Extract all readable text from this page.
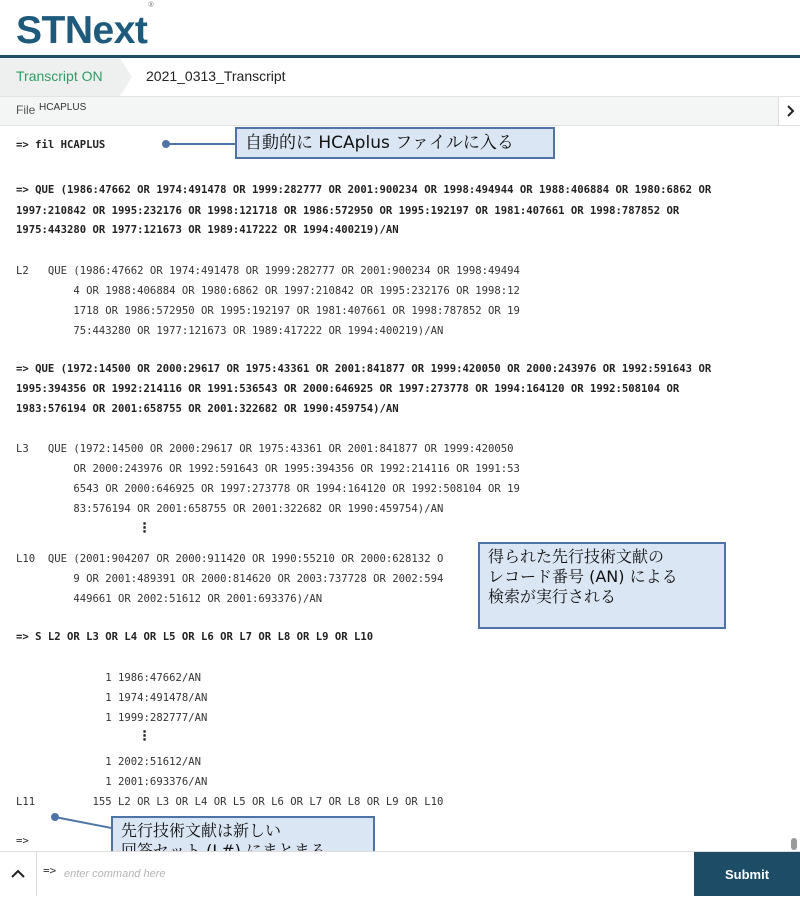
STNext®
Transcript ON	2021_0313_Transcript
File HCAPLUS
=> fil HCAPLUS
=> QUE (1986:47662 OR 1974:491478 OR 1999:282777 OR 2001:900234 OR 1998:494944 OR 1988:406884 OR 1980:6862 OR
1997:210842 OR 1995:232176 OR 1998:121718 OR 1986:572950 OR 1995:192197 OR 1981:407661 OR 1998:787852 OR
1975:443280 OR 1977:121673 OR 1989:417222 OR 1994:400219)/AN
L2   QUE (1986:47662 OR 1974:491478 OR 1999:282777 OR 2001:900234 OR 1998:49494
4 OR 1988:406884 OR 1980:6862 OR 1997:210842 OR 1995:232176 OR 1998:12
1718 OR 1986:572950 OR 1995:192197 OR 1981:407661 OR 1998:787852 OR 19
75:443280 OR 1977:121673 OR 1989:417222 OR 1994:400219)/AN
=> QUE (1972:14500 OR 2000:29617 OR 1975:43361 OR 2001:841877 OR 1999:420050 OR 2000:243976 OR 1992:591643 OR
1995:394356 OR 1992:214116 OR 1991:536543 OR 2000:646925 OR 1997:273778 OR 1994:164120 OR 1992:508104 OR
1983:576194 OR 2001:658755 OR 2001:322682 OR 1990:459754)/AN
L3   QUE (1972:14500 OR 2000:29617 OR 1975:43361 OR 2001:841877 OR 1999:420050
OR 2000:243976 OR 1992:591643 OR 1995:394356 OR 1992:214116 OR 1991:53
6543 OR 2000:646925 OR 1997:273778 OR 1994:164120 OR 1992:508104 OR 19
83:576194 OR 2001:658755 OR 2001:322682 OR 1990:459754)/AN
⁝
L10  QUE (2001:904207 OR 2000:911420 OR 1990:55210 OR 2000:628132 O
9 OR 2001:489391 OR 2000:814620 OR 2003:737728 OR 2002:594
449661 OR 2002:51612 OR 2001:693376)/AN
=> S L2 OR L3 OR L4 OR L5 OR L6 OR L7 OR L8 OR L9 OR L10
1 1986:47662/AN
1 1974:491478/AN
1 1999:282777/AN
⁝
1 2002:51612/AN
1 2001:693376/AN
L11         155 L2 OR L3 OR L4 OR L5 OR L6 OR L7 OR L8 OR L9 OR L10
=>
自動的に HCAplus ファイルに入る
得られた先行技術文献の
レコード番号 (AN) による
検索が実行される
先行技術文献は新しい
=>
enter command here	Submit
